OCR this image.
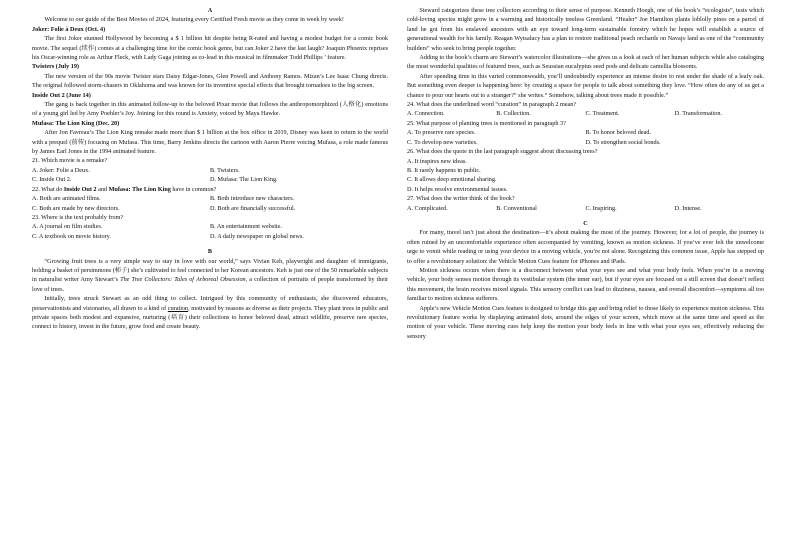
A

Welcome to our guide of the Best Movies of 2024, featuring every Certified Fresh movie as they come in week by week!

Joker: Folie à Deux (Oct. 4)

The first Joker stunned Hollywood by becoming a $ 1 billion hit despite being R-rated and having a modest budget for a comic book movie. The sequel (续作) comes at a challenging time for the comic book genre, but can Joker 2 have the last laugh? Joaquin Phoenix reprises his Oscar-winning role as Arthur Fleck, with Lady Gaga joining as co-lead in this musical in filmmaker Todd Phillips ’ feature.

Twisters (July 19)

The new version of the 90s movie Twister stars Daisy Edgar-Jones, Glen Powell and Anthony Ramos. Mizan’s Lee Isaac Chung directs. The original followed storm-chasers in Oklahoma and was known for its inventive special effects that brought tornadoes to the big screen.

Inside Out 2 (June 14)

The gang is back together in this animated follow-up to the beloved Pixar movie that follows the anthropomorphized (人格化) emotions of a young girl led by Amy Poehler’s Joy. Joining for this round is Anxiety, voiced by Maya Hawke.

Mufasa: The Lion King (Dec. 20)

After Jon Favreau’s The Lion King remake made more than $ 1 billion at the box office in 2019, Disney was keen to return to the world with a prequel (前传) focusing on Mufasa. This time, Barry Jenkins directs the cartoon with Aaron Pierre voicing Mufasa, a role made famous by James Earl Jones in the 1994 animated feature.

21. Which movie is a remake?

A. Joker: Folie a Deux.	B. Twisters.
C. Inside Out 2.	D. Mufasa: The Lion King.

22. What do Inside Out 2 and Mufasa: The Lion King have in common?

A. Both are animated films.	B. Both introduce new characters.
C. Both are made by new directors.	D. Both are financially successful.

23. Where is the text probably from?

A. A journal on film studies.	B. An entertainment website.
C. A textbook on movie history.	D. A daily newspaper on global news.
B

“Growing fruit trees is a very simple way to stay in love with our world,” says Vivian Keh, playwright and daughter of immigrants, holding a basket of persimmons (柿子) she’s cultivated to feel connected to her Korean ancestors. Keh is just one of the 50 remarkable subjects in naturalist writer Amy Stewart’s The Tree Collectors: Tales of Arboreal Obsession, a collection of portraits of people transformed by their love of trees.

Initially, trees struck Stewart as an odd thing to collect. Intrigued by this community of enthusiasts, she discovered educators, preservationists and visionaries, all drawn to a kind of curation, motivated by reasons as diverse as their projects. They plant trees in public and private spaces both modest and expansive, nurturing (培育) their collections to honor beloved dead, attract wildlife, preserve rare species, connect to history, invest in the future, grow food and create beauty.

Steward categorizes these tree collectors according to their sense of purpose. Kenneth Hoegh, one of the book’s “ecologists”, tests which cold-loving species might grow in a warming and historically treeless Greenland. “Healer” Joe Hamilton plants loblolly pines on a parcel of land he got from his enslaved ancestors with an eye toward long-term sustainable forestry which he hopes will establish a source of generational wealth for his family. Reagan Wytsalucy has a plan to restore traditional peach orchards on Navajo land as one of the “community builders” who seek to bring people together.

Adding to the book’s charm are Stewart’s watercolor illustrations—she gives us a look at each of her human subjects while also cataloging the most wonderful qualities of featured trees, such as Seussian eucalyptus seed pods and delicate camellia blossoms.

After spending time in this varied commonwealth, you’ll undoubtedly experience an intense desire to rest under the shade of a leafy oak. But something even deeper is happening here: by creating a space for people to talk about something they love. “How often do any of us get a chance to pour our hearts out to a stranger?” she writes.“ Somehow, talking about trees made it possible.”

24. What does the underlined word “curation” in paragraph 2 mean?

A. Connection.	B. Collection.	C. Treatment.	D. Transformation.

25. What purpose of planting trees is mentioned in paragraph 3?

A. To preserve rare species.	B. To honor beloved dead.
C. To develop new varieties.	D. To strengthen social bonds.

26. What does the quote in the last paragraph suggest about discussing trees?

A. It inspires new ideas.

B. It rarely happens in public.

C. It allows deep emotional sharing.

D. It helps resolve environmental issues.

27. What does the writer think of the book?

A. Complicated.	B. Conventional	C. Inspiring.	D. Intense.
C

For many, travel isn’t just about the destination—it’s about making the most of the journey. However, for a lot of people, the journey is often ruined by an uncomfortable experience often accompanied by vomiting, known as motion sickness. If you’ve ever felt the unwelcome urge to vomit while reading or using your device in a moving vehicle, you’re not alone. Recognizing this common issue, Apple has stepped up to offer a revolutionary solution: the Vehicle Motion Cues feature for iPhones and iPads.

Motion sickness occurs when there is a disconnect between what your eyes see and what your body feels. When you’re in a moving vehicle, your body senses motion through its vestibular system (the inner ear), but if your eyes are focused on a still screen that doesn’t reflect this movement, the brain receives mixed signals. This sensory conflict can lead to dizziness, nausea, and overall discomfort—symptoms all too familiar to motion sickness sufferers.

Apple’s new Vehicle Motion Cues feature is designed to bridge this gap and bring relief to those likely to experience motion sickness. This revolutionary feature works by displaying animated dots, around the edges of your screen, which move at the same time and speed as the motion of your vehicle. These moving cues help keep the motion your body feels in line with what your eyes see, effectively reducing the sensory
